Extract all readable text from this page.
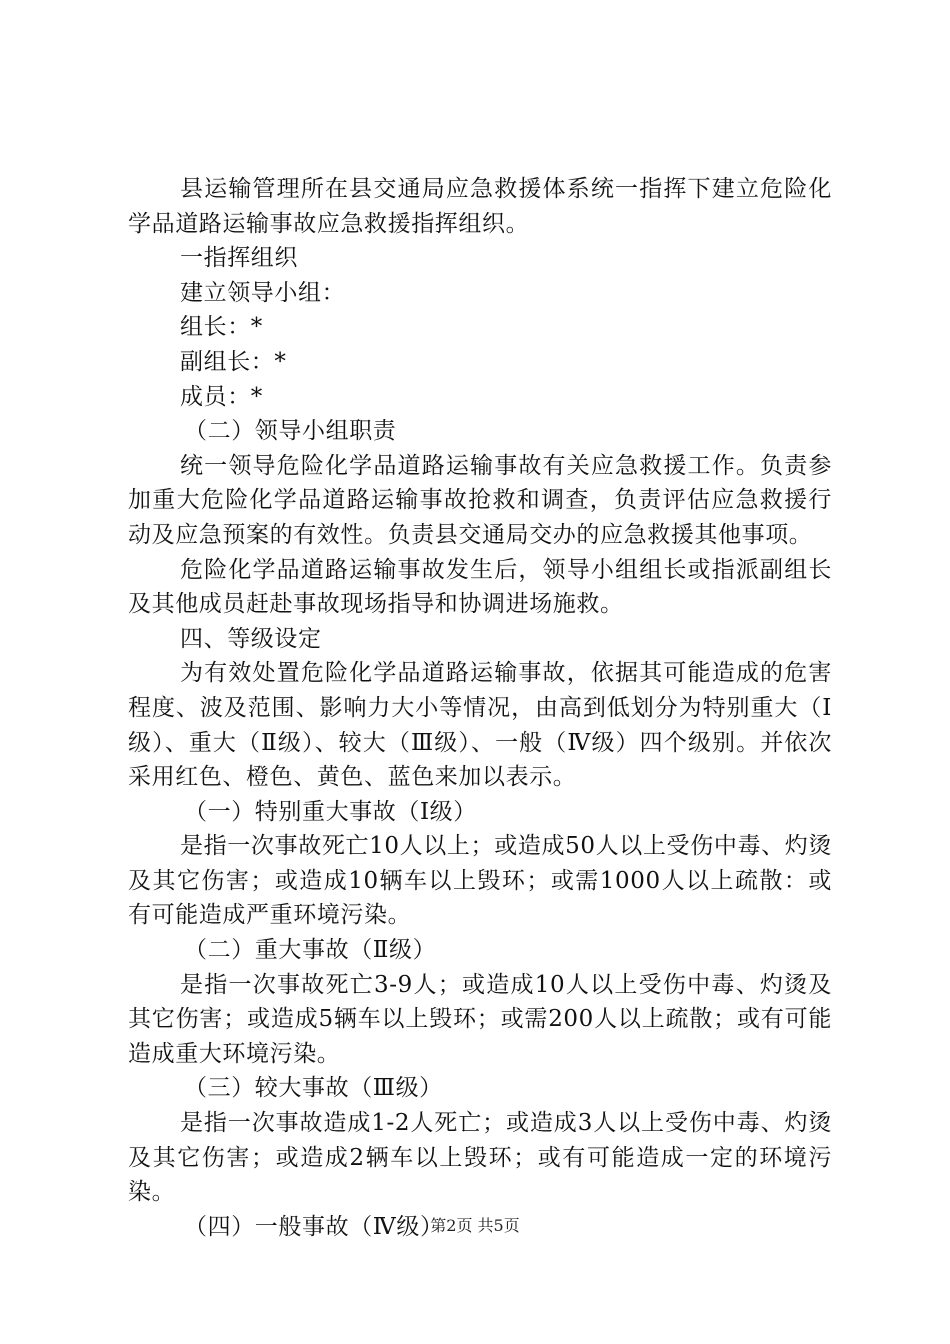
县运输管理所在县交通局应急救援体系统一指挥下建立危险化学品道路运输事故应急救援指挥组织。

一指挥组织

建立领导小组：

组长：*

副组长：*

成员：*

（二）领导小组职责

统一领导危险化学品道路运输事故有关应急救援工作。负责参加重大危险化学品道路运输事故抢救和调查，负责评估应急救援行动及应急预案的有效性。负责县交通局交办的应急救援其他事项。

危险化学品道路运输事故发生后，领导小组组长或指派副组长及其他成员赶赴事故现场指导和协调进场施救。

四、等级设定

为有效处置危险化学品道路运输事故，依据其可能造成的危害程度、波及范围、影响力大小等情况，由高到低划分为特别重大（Ⅰ级）、重大（Ⅱ级）、较大（Ⅲ级）、一般（Ⅳ级）四个级别。并依次采用红色、橙色、黄色、蓝色来加以表示。

（一）特别重大事故（Ⅰ级）

是指一次事故死亡10人以上；或造成50人以上受伤中毒、灼烫及其它伤害；或造成10辆车以上毁环；或需1000人以上疏散：或有可能造成严重环境污染。

（二）重大事故（Ⅱ级）

是指一次事故死亡3-9人；或造成10人以上受伤中毒、灼烫及其它伤害；或造成5辆车以上毁环；或需200人以上疏散；或有可能造成重大环境污染。

（三）较大事故（Ⅲ级）

是指一次事故造成1-2人死亡；或造成3人以上受伤中毒、灼烫及其它伤害；或造成2辆车以上毁环；或有可能造成一定的环境污染。

（四）一般事故（Ⅳ级）

第2页 共5页
